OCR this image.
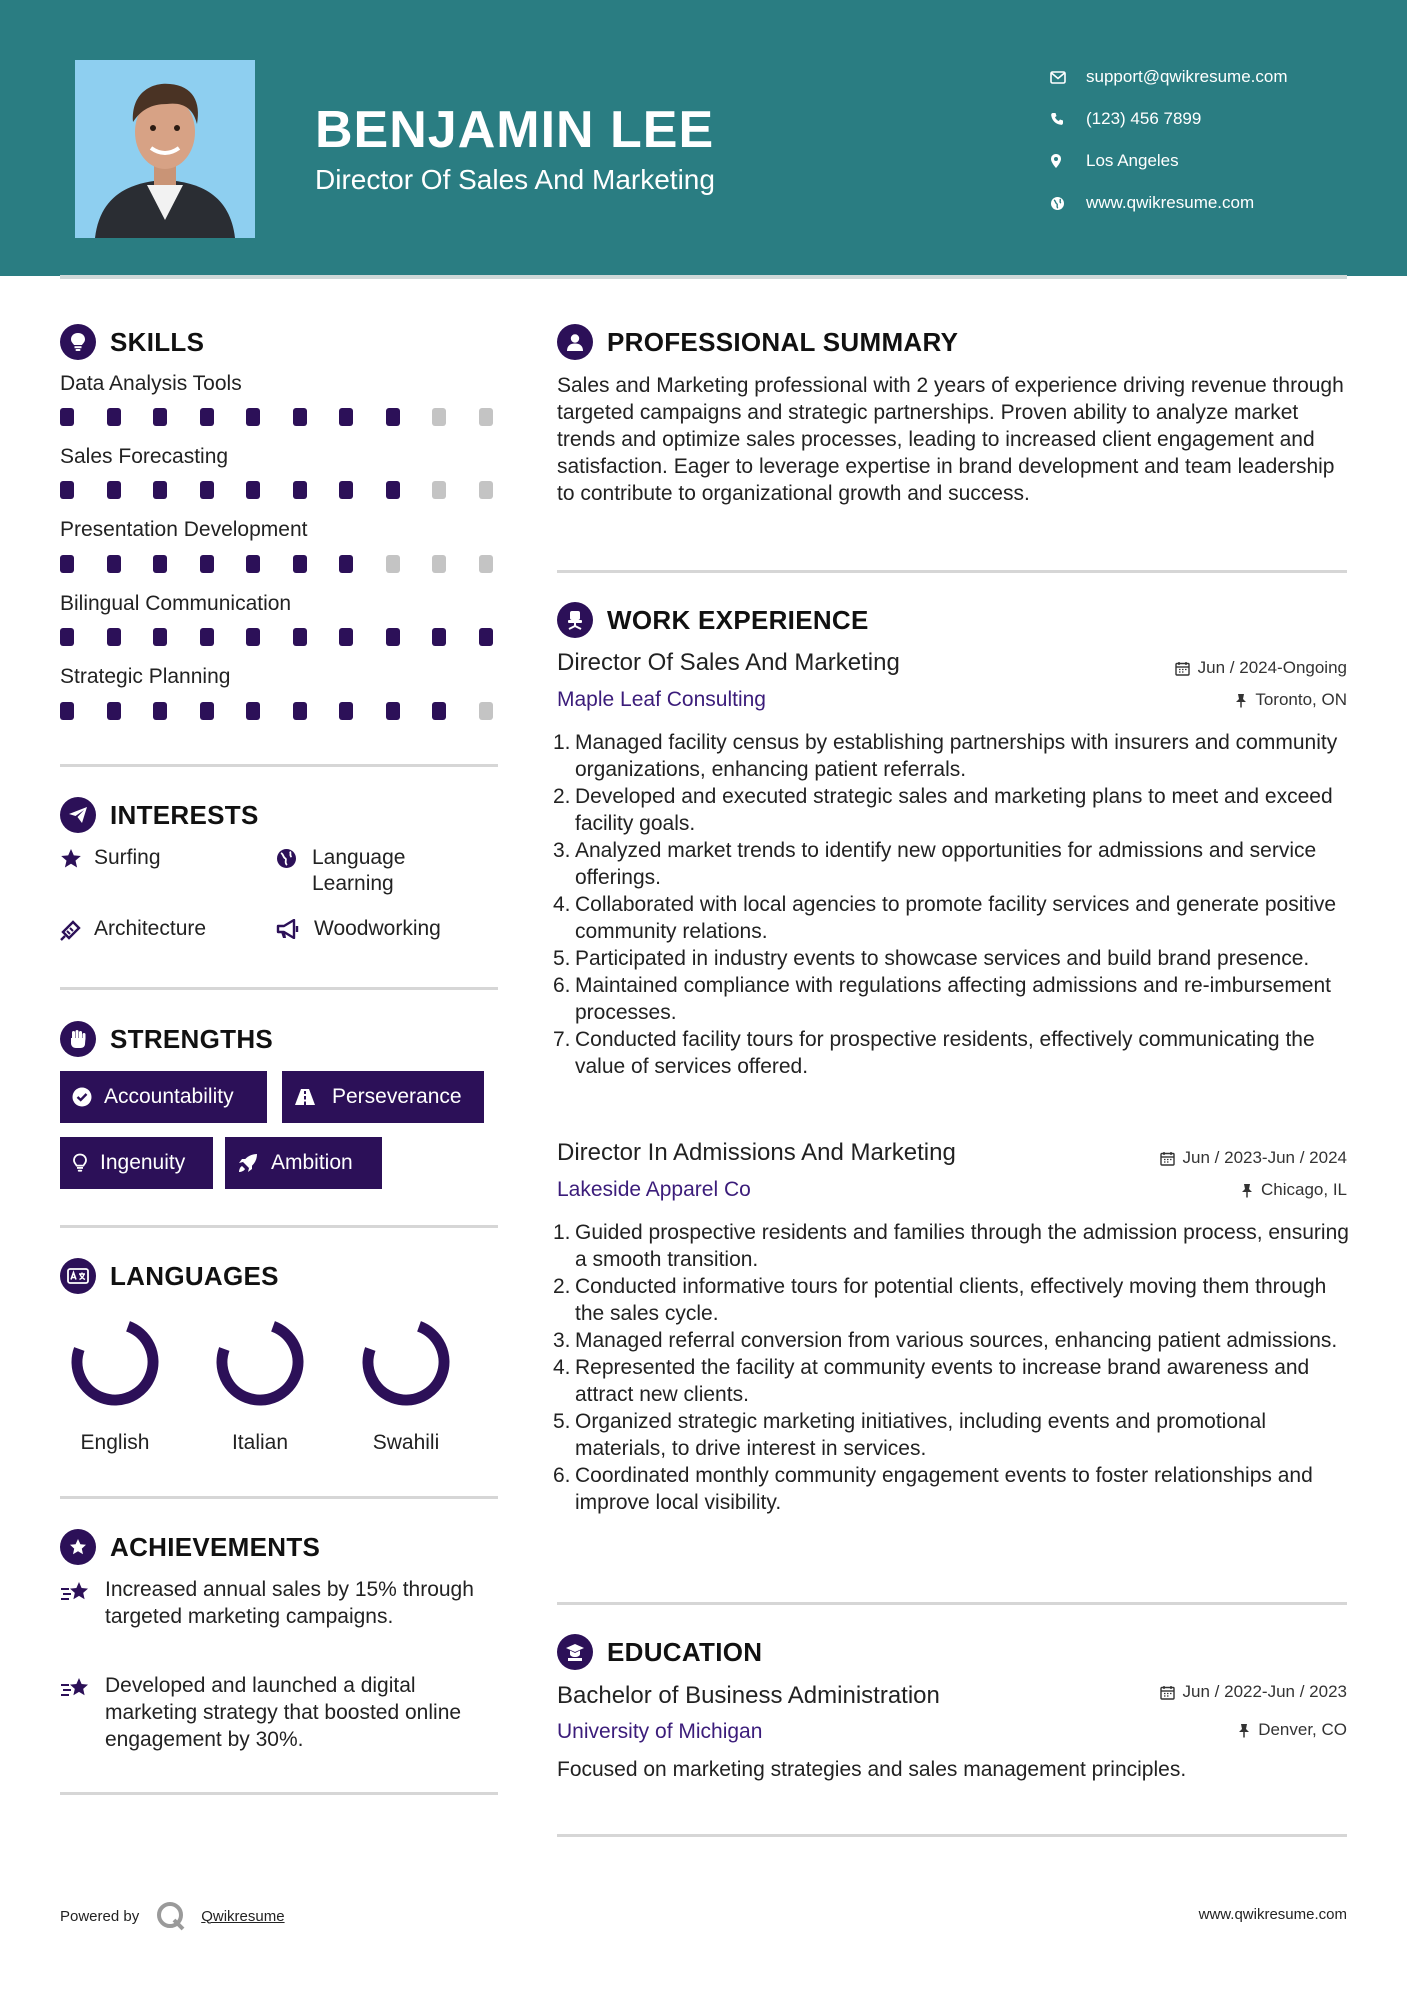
BENJAMIN LEE
Director Of Sales And Marketing
support@qwikresume.com
(123) 456 7899
Los Angeles
www.qwikresume.com
SKILLS
Data Analysis Tools
Sales Forecasting
Presentation Development
Bilingual Communication
Strategic Planning
INTERESTS
Surfing	Language Learning
Architecture	Woodworking
STRENGTHS
Accountability	Perseverance
Ingenuity	Ambition
LANGUAGES
English	Italian	Swahili
ACHIEVEMENTS
Increased annual sales by 15% through targeted marketing campaigns.
Developed and launched a digital marketing strategy that boosted online engagement by 30%.
PROFESSIONAL SUMMARY
Sales and Marketing professional with 2 years of experience driving revenue through targeted campaigns and strategic partnerships. Proven ability to analyze market trends and optimize sales processes, leading to increased client engagement and satisfaction. Eager to leverage expertise in brand development and team leadership to contribute to organizational growth and success.
WORK EXPERIENCE
Director Of Sales And Marketing	Jun / 2024-Ongoing
Maple Leaf Consulting	Toronto, ON
1. Managed facility census by establishing partnerships with insurers and community organizations, enhancing patient referrals.
2. Developed and executed strategic sales and marketing plans to meet and exceed facility goals.
3. Analyzed market trends to identify new opportunities for admissions and service offerings.
4. Collaborated with local agencies to promote facility services and generate positive community relations.
5. Participated in industry events to showcase services and build brand presence.
6. Maintained compliance with regulations affecting admissions and re-imbursement processes.
7. Conducted facility tours for prospective residents, effectively communicating the value of services offered.
Director In Admissions And Marketing	Jun / 2023-Jun / 2024
Lakeside Apparel Co	Chicago, IL
1. Guided prospective residents and families through the admission process, ensuring a smooth transition.
2. Conducted informative tours for potential clients, effectively moving them through the sales cycle.
3. Managed referral conversion from various sources, enhancing patient admissions.
4. Represented the facility at community events to increase brand awareness and attract new clients.
5. Organized strategic marketing initiatives, including events and promotional materials, to drive interest in services.
6. Coordinated monthly community engagement events to foster relationships and improve local visibility.
EDUCATION
Bachelor of Business Administration	Jun / 2022-Jun / 2023
University of Michigan	Denver, CO
Focused on marketing strategies and sales management principles.
Powered by	Qwikresume	www.qwikresume.com
